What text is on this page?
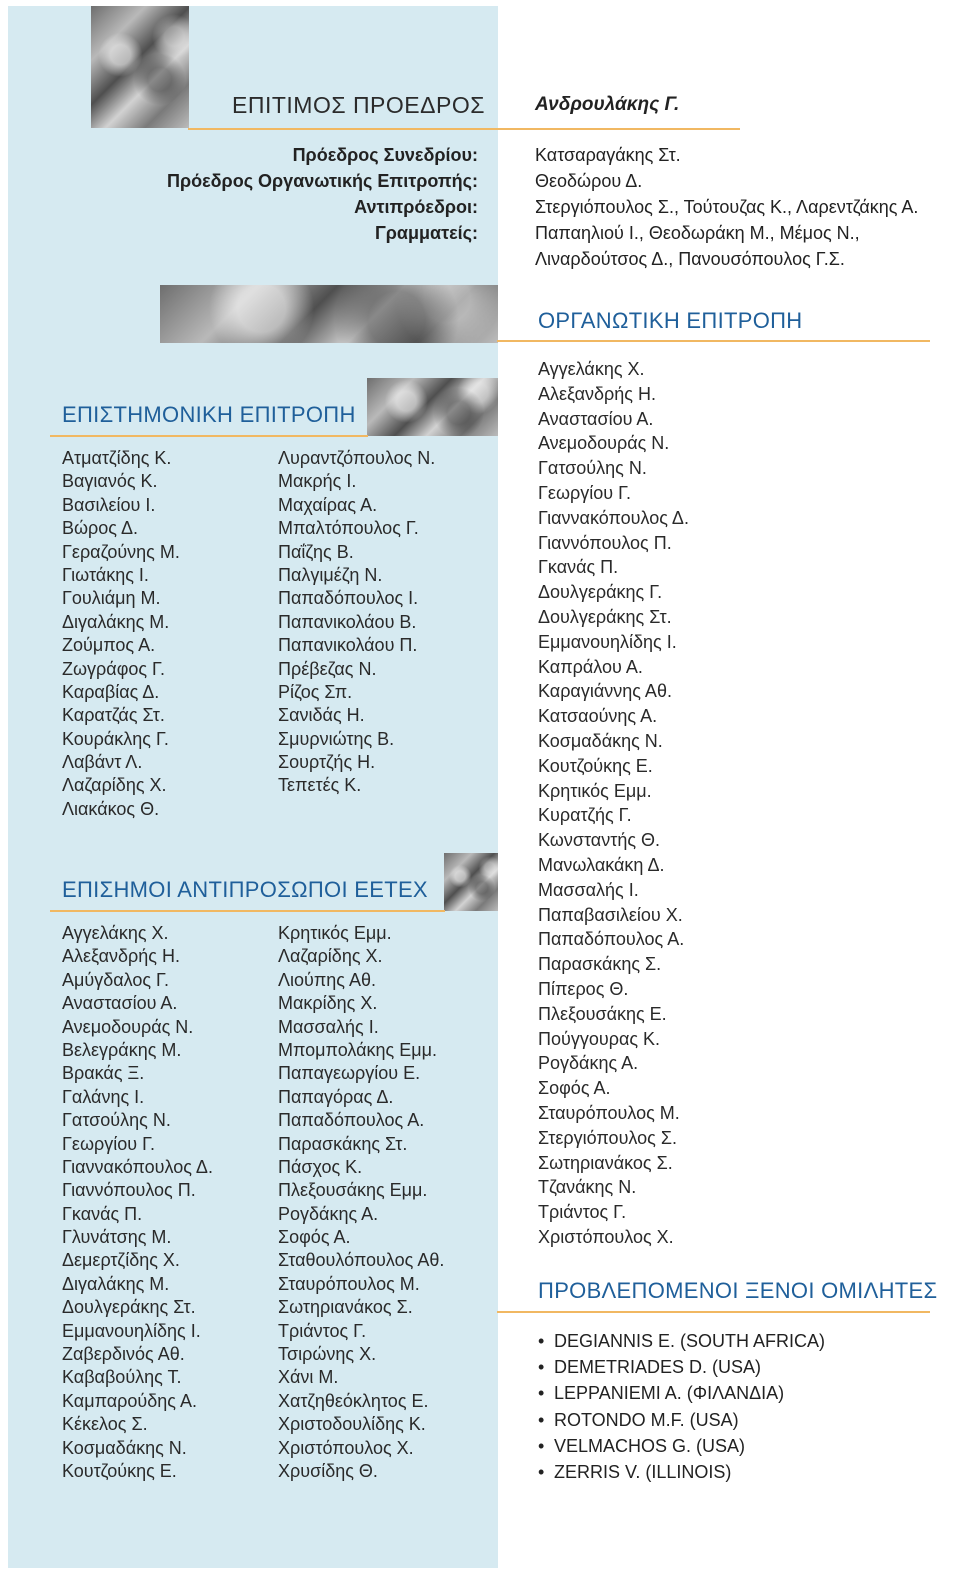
ΕΠΙΤΙΜΟΣ ΠΡΟΕΔΡΟΣ	Ανδρουλάκης Γ.
Πρόεδρος Συνεδρίου:
Πρόεδρος Οργανωτικής Επιτροπής:
Αντιπρόεδροι:
Γραμματείς:
Κατσαραγάκης Στ.
Θεοδώρου Δ.
Στεργιόπουλος Σ., Τούτουζας Κ., Λαρεντζάκης Α.
Παπαηλιού Ι., Θεοδωράκη Μ., Μέμος Ν.,
Λιναρδούτσος Δ., Πανουσόπουλος Γ.Σ.
ΟΡΓΑΝΩΤΙΚΗ ΕΠΙΤΡΟΠΗ
Αγγελάκης Χ.
Αλεξανδρής Η.
Αναστασίου Α.
Ανεμοδουράς Ν.
Γατσούλης Ν.
Γεωργίου Γ.
Γιαννακόπουλος Δ.
Γιαννόπουλος Π.
Γκανάς Π.
Δουλγεράκης Γ.
Δουλγεράκης Στ.
Εμμανουηλίδης Ι.
Καπράλου Α.
Καραγιάννης Αθ.
Κατσαούνης Α.
Κοσμαδάκης Ν.
Κουτζούκης Ε.
Κρητικός Εμμ.
Κυρατζής Γ.
Κωνσταντής Θ.
Μανωλακάκη Δ.
Μασσαλής Ι.
Παπαβασιλείου Χ.
Παπαδόπουλος Α.
Παρασκάκης Σ.
Πίπερος Θ.
Πλεξουσάκης Ε.
Πούγγουρας Κ.
Ρογδάκης Α.
Σοφός Α.
Σταυρόπουλος Μ.
Στεργιόπουλος Σ.
Σωτηριανάκος Σ.
Τζανάκης Ν.
Τριάντος Γ.
Χριστόπουλος Χ.
ΕΠΙΣΤΗΜΟΝΙΚΗ ΕΠΙΤΡΟΠΗ
Ατματζίδης Κ.
Βαγιανός Κ.
Βασιλείου Ι.
Βώρος Δ.
Γεραζούνης Μ.
Γιωτάκης Ι.
Γουλιάμη Μ.
Διγαλάκης Μ.
Ζούμπος Α.
Ζωγράφος Γ.
Καραβίας Δ.
Καρατζάς Στ.
Κουράκλης Γ.
Λαβάντ Λ.
Λαζαρίδης Χ.
Λιακάκος Θ.
Λυραντζόπουλος Ν.
Μακρής Ι.
Μαχαίρας Α.
Μπαλτόπουλος Γ.
Παΐζης Β.
Παλγιμέζη Ν.
Παπαδόπουλος Ι.
Παπανικολάου Β.
Παπανικολάου Π.
Πρέβεζας Ν.
Ρίζος Σπ.
Σανιδάς Η.
Σμυρνιώτης Β.
Σουρτζής Η.
Τεπετές Κ.
ΕΠΙΣΗΜΟΙ ΑΝΤΙΠΡΟΣΩΠΟΙ ΕΕΤΕΧ
Αγγελάκης Χ.
Αλεξανδρής Η.
Αμύγδαλος Γ.
Αναστασίου Α.
Ανεμοδουράς Ν.
Βελεγράκης Μ.
Βρακάς Ξ.
Γαλάνης Ι.
Γατσούλης Ν.
Γεωργίου Γ.
Γιαννακόπουλος Δ.
Γιαννόπουλος Π.
Γκανάς Π.
Γλυνάτσης Μ.
Δεμερτζίδης Χ.
Διγαλάκης Μ.
Δουλγεράκης Στ.
Εμμανουηλίδης Ι.
Ζαβερδινός Αθ.
Καβαβούλης Τ.
Καμπαρούδης Α.
Κέκελος Σ.
Κοσμαδάκης Ν.
Κουτζούκης Ε.
Κρητικός Εμμ.
Λαζαρίδης Χ.
Λιούπης Αθ.
Μακρίδης Χ.
Μασσαλής Ι.
Μπομπολάκης Εμμ.
Παπαγεωργίου Ε.
Παπαγόρας Δ.
Παπαδόπουλος Α.
Παρασκάκης Στ.
Πάσχος Κ.
Πλεξουσάκης Εμμ.
Ρογδάκης Α.
Σοφός Α.
Σταθουλόπουλος Αθ.
Σταυρόπουλος Μ.
Σωτηριανάκος Σ.
Τριάντος Γ.
Τσιρώνης Χ.
Χάνι Μ.
Χατζηθεόκλητος Ε.
Χριστοδουλίδης Κ.
Χριστόπουλος Χ.
Χρυσίδης Θ.
ΠΡΟΒΛΕΠΟΜΕΝΟΙ ΞΕΝΟΙ ΟΜΙΛΗΤΕΣ
• DEGIANNIS E. (SOUTH AFRICA)
• DEMETRIADES D. (USA)
• LEPPANIEMI A. (ΦΙΛΑΝΔΙΑ)
• ROTONDO M.F. (USA)
• VELMACHOS G. (USA)
• ZERRIS V. (ILLINOIS)
